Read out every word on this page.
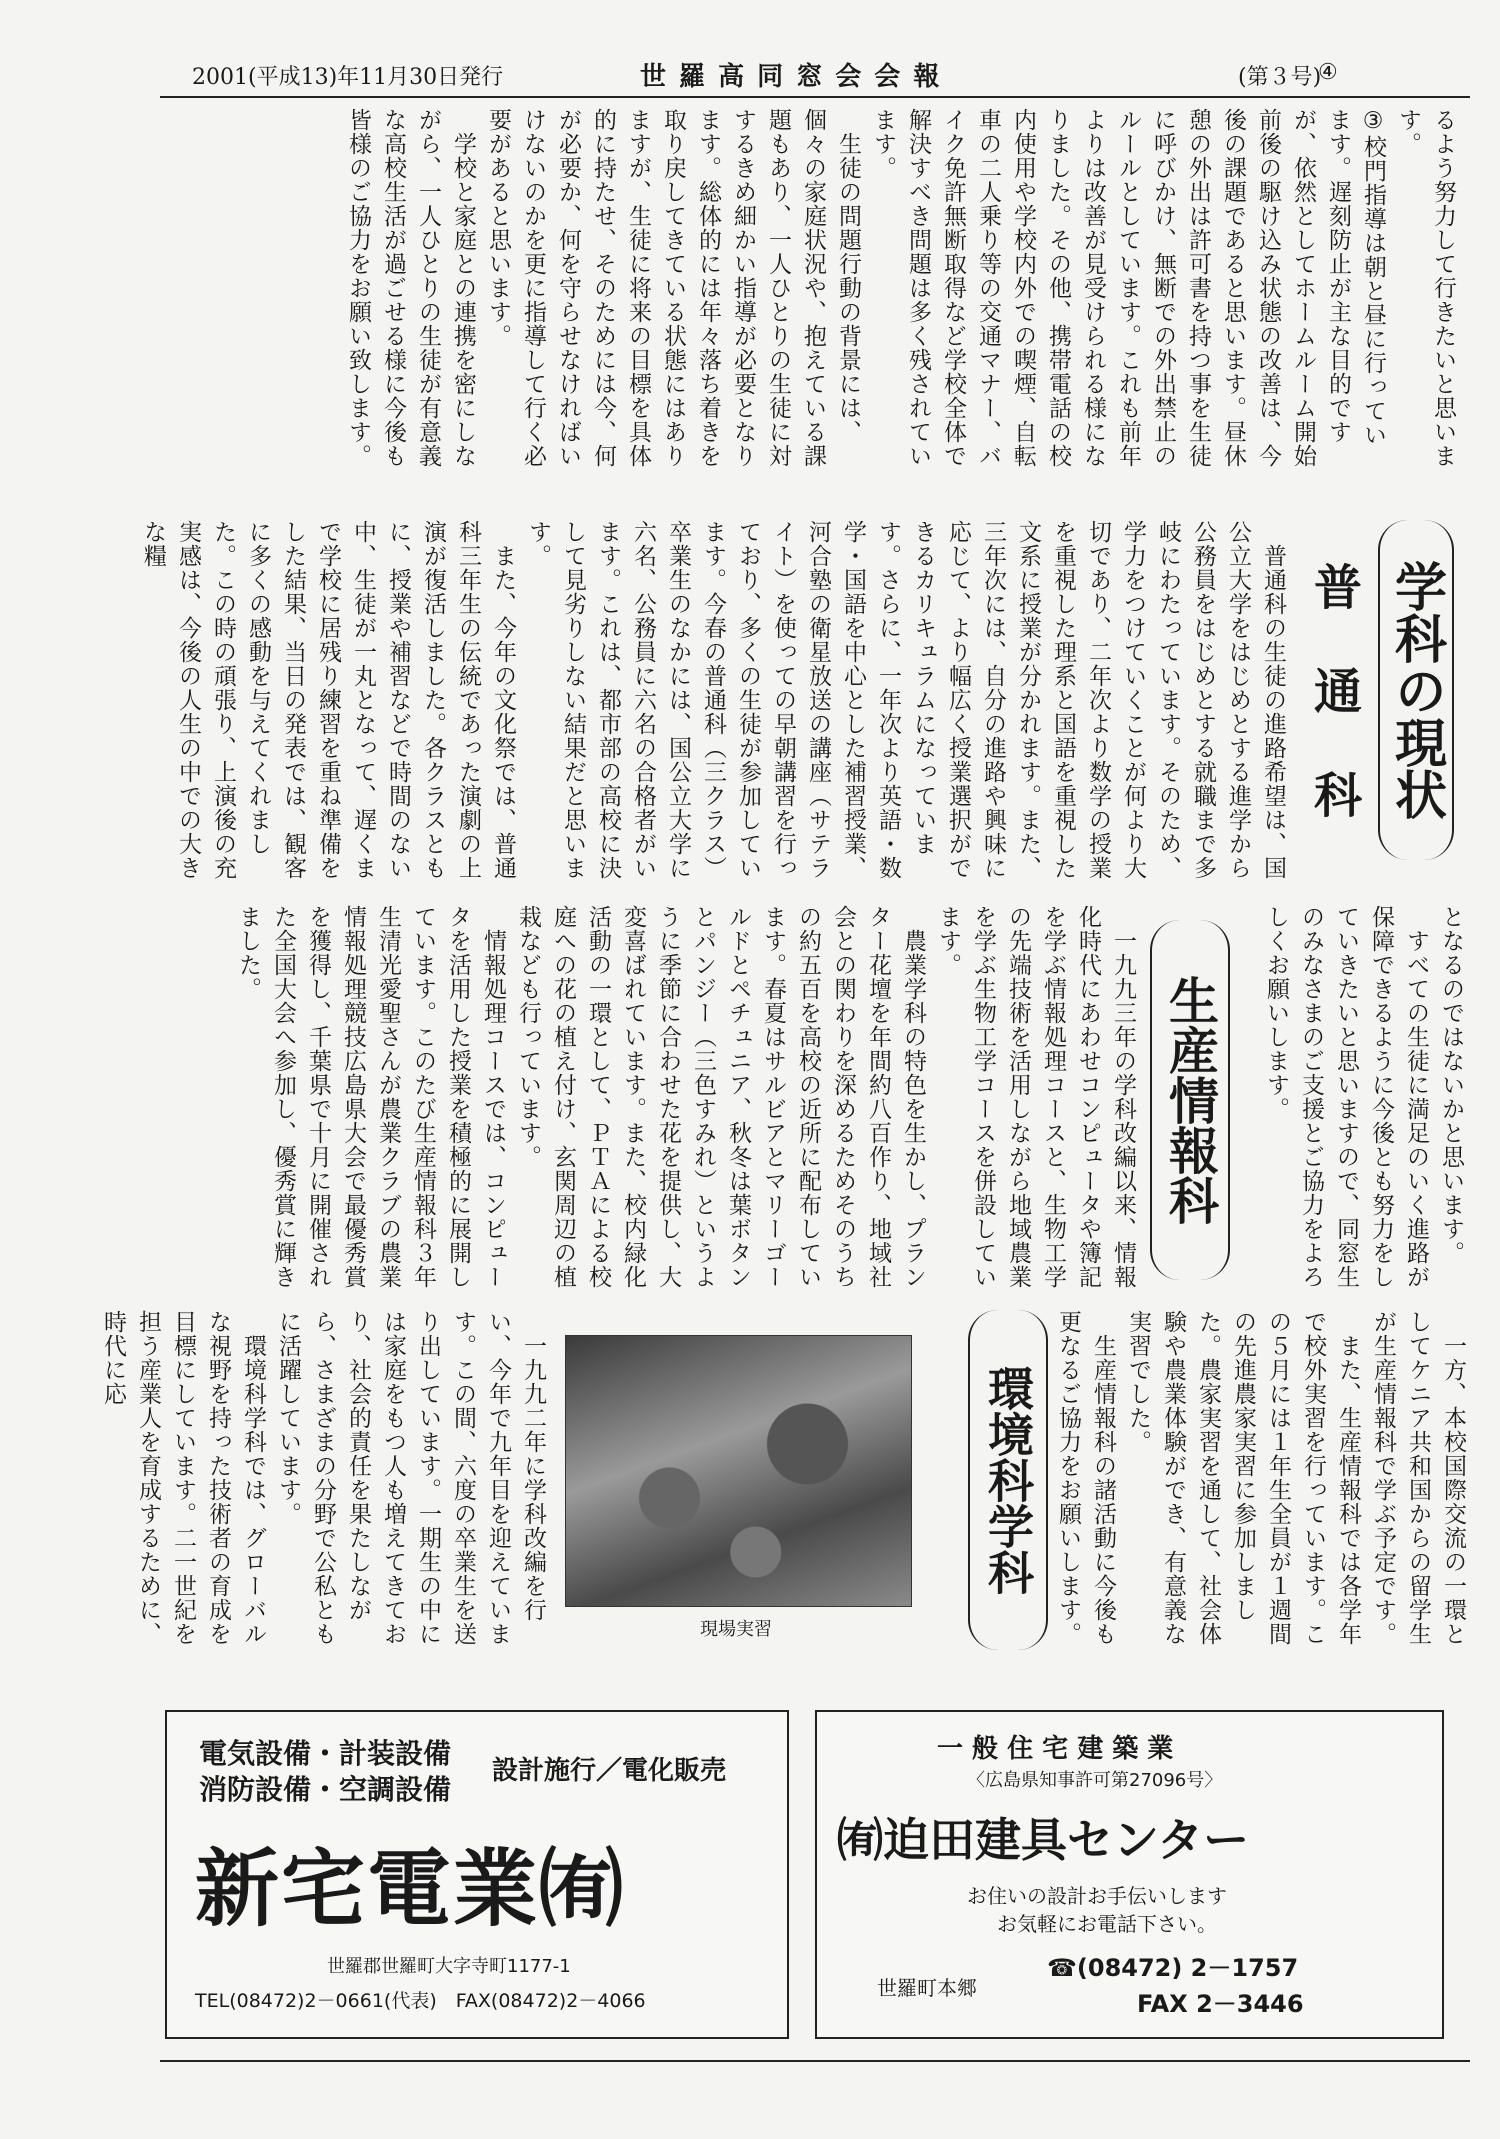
2001(平成13)年11月30日発行	世 羅 高 同 窓 会 会 報	(第３号)
④
るよう努力して行きたいと思います。
③校門指導は朝と昼に行っています。遅刻防止が主な目的ですが、依然としてホームルーム開始前後の駆け込み状態の改善は、今後の課題であると思います。昼休憩の外出は許可書を持つ事を生徒に呼びかけ、無断での外出禁止のルールとしています。これも前年よりは改善が見受けられる様になりました。その他、携帯電話の校内使用や学校内外での喫煙、自転車の二人乗り等の交通マナー、バイク免許無断取得など学校全体で解決すべき問題は多く残されています。
　生徒の問題行動の背景には、個々の家庭状況や、抱えている課題もあり、一人ひとりの生徒に対するきめ細かい指導が必要となります。総体的には年々落ち着きを取り戻してきている状態にはありますが、生徒に将来の目標を具体的に持たせ、そのためには今、何が必要か、何を守らせなければいけないのかを更に指導して行く必要があると思います。
　学校と家庭との連携を密にしながら、一人ひとりの生徒が有意義な高校生活が過ごせる様に今後も皆様のご協力をお願い致します。
学科の現状
普 通 科
　普通科の生徒の進路希望は、国公立大学をはじめとする進学から公務員をはじめとする就職まで多岐にわたっています。そのため、学力をつけていくことが何より大切であり、二年次より数学の授業を重視した理系と国語を重視した文系に授業が分かれます。また、三年次には、自分の進路や興味に応じて、より幅広く授業選択ができるカリキュラムになっています。さらに、一年次より英語・数学・国語を中心とした補習授業、河合塾の衛星放送の講座（サテライト）を使っての早朝講習を行っており、多くの生徒が参加しています。今春の普通科（三クラス）卒業生のなかには、国公立大学に六名、公務員に六名の合格者がいます。これは、都市部の高校に決して見劣りしない結果だと思います。
　また、今年の文化祭では、普通科三年生の伝統であった演劇の上演が復活しました。各クラスともに、授業や補習などで時間のない中、生徒が一丸となって、遅くまで学校に居残り練習を重ね準備をした結果、当日の発表では、観客に多くの感動を与えてくれました。この時の頑張り、上演後の充実感は、今後の人生の中での大きな糧
となるのではないかと思います。
　すべての生徒に満足のいく進路が保障できるように今後とも努力をしていきたいと思いますので、同窓生のみなさまのご支援とご協力をよろしくお願いします。
生産情報科
　一九九三年の学科改編以来、情報化時代にあわせコンピュータや簿記を学ぶ情報処理コースと、生物工学の先端技術を活用しながら地域農業を学ぶ生物工学コースを併設しています。
　農業学科の特色を生かし、プランター花壇を年間約八百作り、地域社会との関わりを深めるためそのうちの約五百を高校の近所に配布しています。春夏はサルビアとマリーゴールドとペチュニア、秋冬は葉ボタンとパンジー（三色すみれ）というように季節に合わせた花を提供し、大変喜ばれています。また、校内緑化活動の一環として、ＰＴＡによる校庭への花の植え付け、玄関周辺の植栽なども行っています。
　情報処理コースでは、コンピュータを活用した授業を積極的に展開しています。このたび生産情報科３年生清光愛聖さんが農業クラブの農業情報処理競技広島県大会で最優秀賞を獲得し、千葉県で十月に開催された全国大会へ参加し、優秀賞に輝きました。
　一方、本校国際交流の一環としてケニア共和国からの留学生が生産情報科で学ぶ予定です。
　また、生産情報科では各学年で校外実習を行っています。この５月には１年生全員が１週間の先進農家実習に参加しました。農家実習を通して、社会体験や農業体験ができ、有意義な実習でした。
　生産情報科の諸活動に今後も更なるご協力をお願いします。
環境科学科
現場実習
　一九九二年に学科改編を行い、今年で九年目を迎えています。この間、六度の卒業生を送り出しています。一期生の中には家庭をもつ人も増えてきており、社会的責任を果たしながら、さまざまの分野で公私ともに活躍しています。
　環境科学科では、グローバルな視野を持った技術者の育成を目標にしています。二一世紀を担う産業人を育成するために、時代に応
電気設備・計装設備
消防設備・空調設備
設計施行／電化販売
新宅電業㈲
世羅郡世羅町大字寺町1177-1
TEL(08472)2－0661(代表)　FAX(08472)2－4066
一 般 住 宅 建 築 業
〈広島県知事許可第27096号〉
㈲迫田建具センター
お住いの設計お手伝いします
お気軽にお電話下さい。
世羅町本郷
☎(08472) 2－1757
FAX 2－3446
